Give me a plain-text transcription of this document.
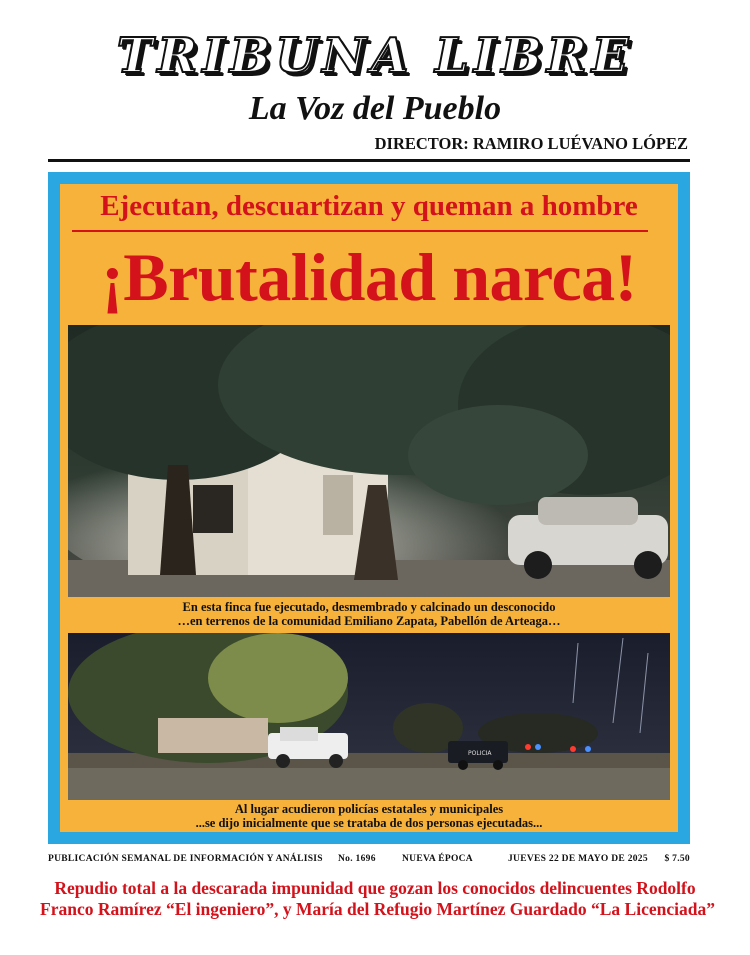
TRIBUNA LIBRE
La Voz del Pueblo
DIRECTOR: RAMIRO LUÉVANO LÓPEZ
Ejecutan, descuartizan y queman a hombre
¡Brutalidad narca!
En esta finca fue ejecutado, desmembrado y calcinado un desconocido
…en terrenos de la comunidad Emiliano Zapata, Pabellón de Arteaga…
POLICIA
Al lugar acudieron policías estatales y municipales
...se dijo inicialmente que se trataba de dos personas ejecutadas...
PUBLICACIÓN SEMANAL DE INFORMACIÓN Y ANÁLISIS No. 1696	NUEVA ÉPOCA	JUEVES 22 DE MAYO DE 2025 $ 7.50
Repudio total a la descarada impunidad que gozan los conocidos delincuentes Rodolfo
Franco Ramírez “El ingeniero”, y María del Refugio Martínez Guardado “La Licenciada”
